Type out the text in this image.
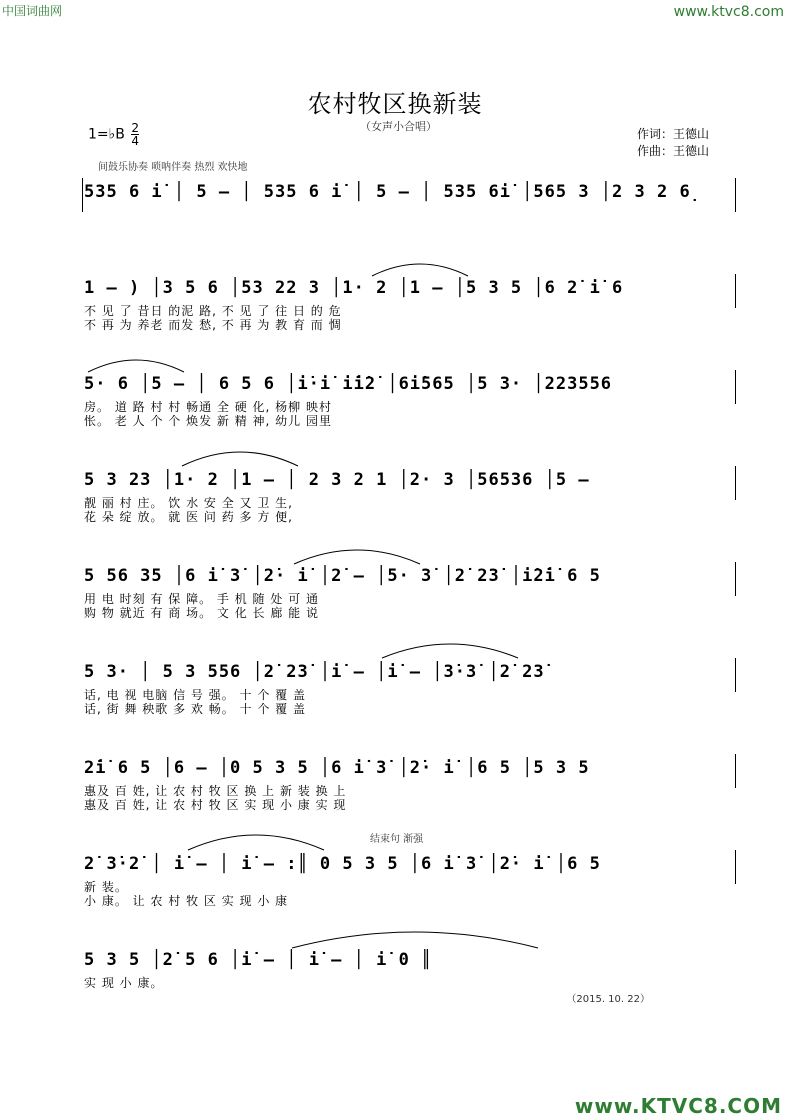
中国词曲网	www.ktvc8.com
农村牧区换新装
（女声小合唱）
1=♭B $\frac{2}{4}$	作词：王德山
作曲：王德山
间鼓乐协奏 唢呐伴奏 热烈 欢快地
535 6 i̇ │ 5 – │ 535 6 i̇ │ 5 – │ 535 6i̇ │565 3 │2 3 2 6̣
1 – ) │3 5 6 │53 22 3 │1· 2 │1 – │5 3 5 │6 2̇ i̇ 6
不 见 了 昔日 的泥 路, 不 见 了 往 日 的 危
不 再 为 养老 而发 愁, 不 再 为 教 育 而 惆
5· 6 │5 – │ 6 5 6 │i̇·i̇ i̇i̇2̇ │6i̇565 │5 3· │223556
房。 道 路 村 村 畅通 全 硬 化, 杨柳 映村
怅。 老 人 个 个 焕发 新 精 神, 幼儿 园里
5 3 23 │1· 2 │1 – │ 2 3 2 1 │2· 3 │56536 │5 –
靓 丽 村 庄。 饮 水 安 全 又 卫 生,
花 朵 绽 放。 就 医 问 药 多 方 便,
5 56 35 │6 i̇ 3̇ │2̇· i̇ │2̇ – │5· 3̇ │2̇ 23̇ │i̇2̇i̇ 6 5
用 电 时刻 有 保 障。 手 机 随 处 可 通
购 物 就近 有 商 场。 文 化 长 廊 能 说
5 3· │ 5 3 556 │2̇ 23̇ │i̇ – │i̇ – │3̇·3̇ │2̇ 23̇
话, 电 视 电脑 信 号 强。 十 个 覆 盖
话, 街 舞 秧歌 多 欢 畅。 十 个 覆 盖
2̇i̇ 6 5 │6 – │0 5 3 5 │6 i̇ 3̇ │2̇· i̇ │6 5 │5 3 5
惠及 百 姓, 让 农 村 牧 区 换 上 新 装 换 上
惠及 百 姓, 让 农 村 牧 区 实 现 小 康 实 现
结束句 渐强
2̇ 3̇·2̇ │ i̇ – │ i̇ – :║ 0 5 3 5 │6 i̇ 3̇ │2̇· i̇ │6 5
新 装。
小 康。 让 农 村 牧 区 实 现 小 康
5 3 5 │2̇ 5 6 │i̇ – │ i̇ – │ i̇ 0 ║
实 现 小 康。
（2015. 10. 22）
www.KTVC8.COM
